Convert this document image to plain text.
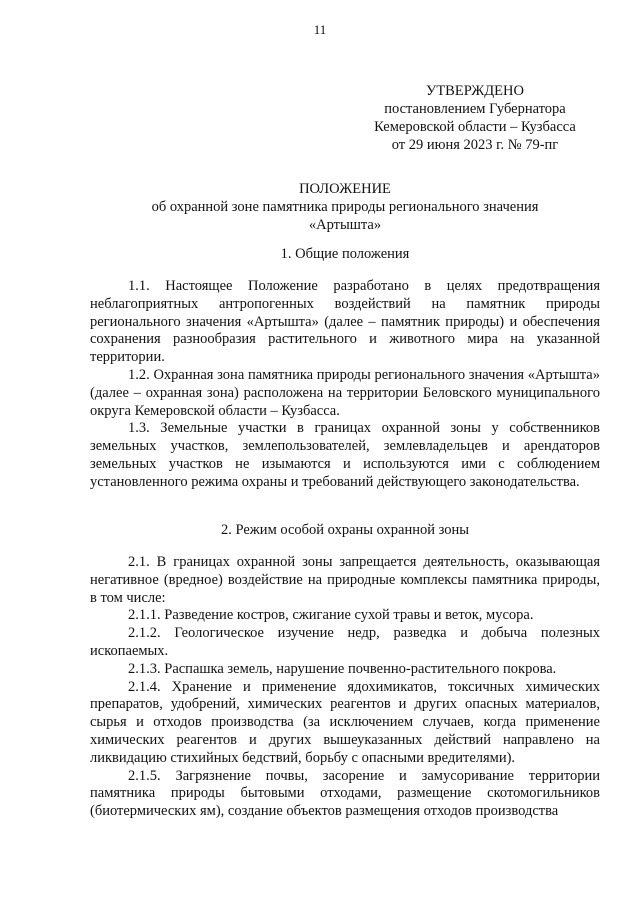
11
УТВЕРЖДЕНО
постановлением Губернатора
Кемеровской области – Кузбасса
от 29 июня 2023 г. № 79-пг
ПОЛОЖЕНИЕ
об охранной зоне памятника природы регионального значения
«Артышта»
1. Общие положения

1.1. Настоящее Положение разработано в целях предотвращения неблагоприятных антропогенных воздействий на памятник природы регионального значения «Артышта» (далее – памятник природы) и обеспечения сохранения разнообразия растительного и животного мира на указанной территории.

1.2. Охранная зона памятника природы регионального значения «Артышта» (далее – охранная зона) расположена на территории Беловского муниципального округа Кемеровской области – Кузбасса.

1.3. Земельные участки в границах охранной зоны у собственников земельных участков, землепользователей, землевладельцев и арендаторов земельных участков не изымаются и используются ими с соблюдением установленного режима охраны и требований действующего законодательства.

2. Режим особой охраны охранной зоны

2.1. В границах охранной зоны запрещается деятельность, оказывающая негативное (вредное) воздействие на природные комплексы памятника природы, в том числе:

2.1.1. Разведение костров, сжигание сухой травы и веток, мусора.

2.1.2. Геологическое изучение недр, разведка и добыча полезных ископаемых.

2.1.3. Распашка земель, нарушение почвенно-растительного покрова.

2.1.4. Хранение и применение ядохимикатов, токсичных химических препаратов, удобрений, химических реагентов и других опасных материалов, сырья и отходов производства (за исключением случаев, когда применение химических реагентов и других вышеуказанных действий направлено на ликвидацию стихийных бедствий, борьбу с опасными вредителями).

2.1.5. Загрязнение почвы, засорение и замусоривание территории памятника природы бытовыми отходами, размещение скотомогильников (биотермических ям), создание объектов размещения отходов производства
